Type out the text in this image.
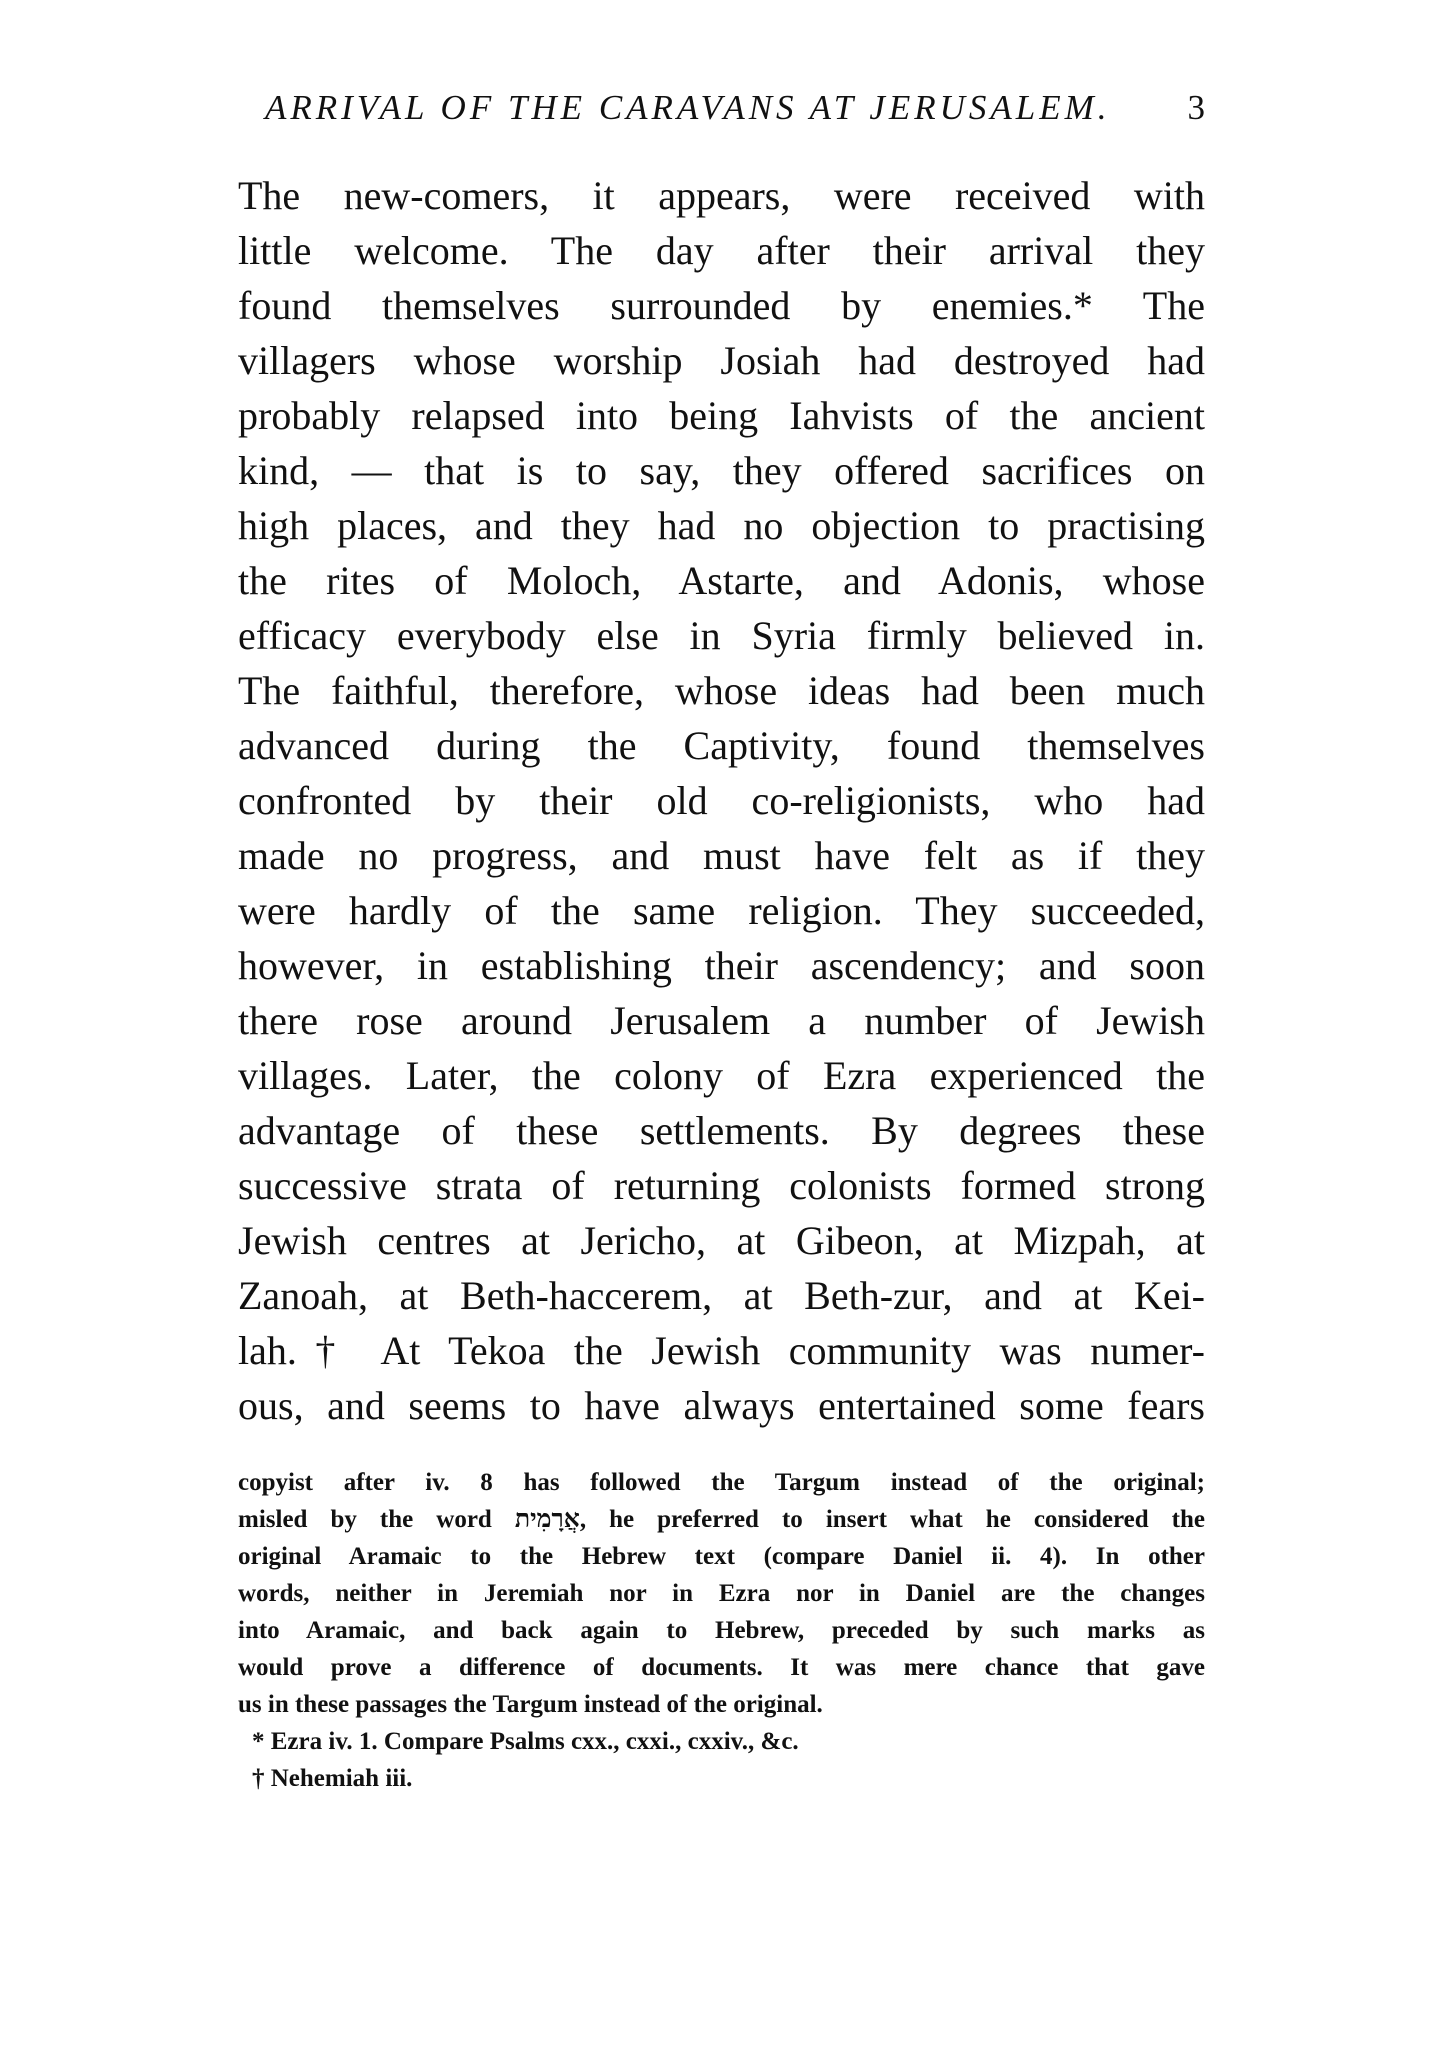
ARRIVAL OF THE CARAVANS AT JERUSALEM. 3
The new-comers, it appears, were received with
little welcome. The day after their arrival they
found themselves surrounded by enemies.* The
villagers whose worship Josiah had destroyed had
probably relapsed into being Iahvists of the ancient
kind, — that is to say, they offered sacrifices on
high places, and they had no objection to practising
the rites of Moloch, Astarte, and Adonis, whose
efficacy everybody else in Syria firmly believed in.
The faithful, therefore, whose ideas had been much
advanced during the Captivity, found themselves
confronted by their old co-religionists, who had
made no progress, and must have felt as if they
were hardly of the same religion. They succeeded,
however, in establishing their ascendency; and soon
there rose around Jerusalem a number of Jewish
villages. Later, the colony of Ezra experienced the
advantage of these settlements. By degrees these
successive strata of returning colonists formed strong
Jewish centres at Jericho, at Gibeon, at Mizpah, at
Zanoah, at Beth-haccerem, at Beth-zur, and at Kei-
lah.† At Tekoa the Jewish community was numer-
ous, and seems to have always entertained some fears
copyist after iv. 8 has followed the Targum instead of the original;
misled by the word אֲרָמִית, he preferred to insert what he considered the
original Aramaic to the Hebrew text (compare Daniel ii. 4). In other
words, neither in Jeremiah nor in Ezra nor in Daniel are the changes
into Aramaic, and back again to Hebrew, preceded by such marks as
would prove a difference of documents. It was mere chance that gave
us in these passages the Targum instead of the original.
* Ezra iv. 1. Compare Psalms cxx., cxxi., cxxiv., &c.
† Nehemiah iii.
